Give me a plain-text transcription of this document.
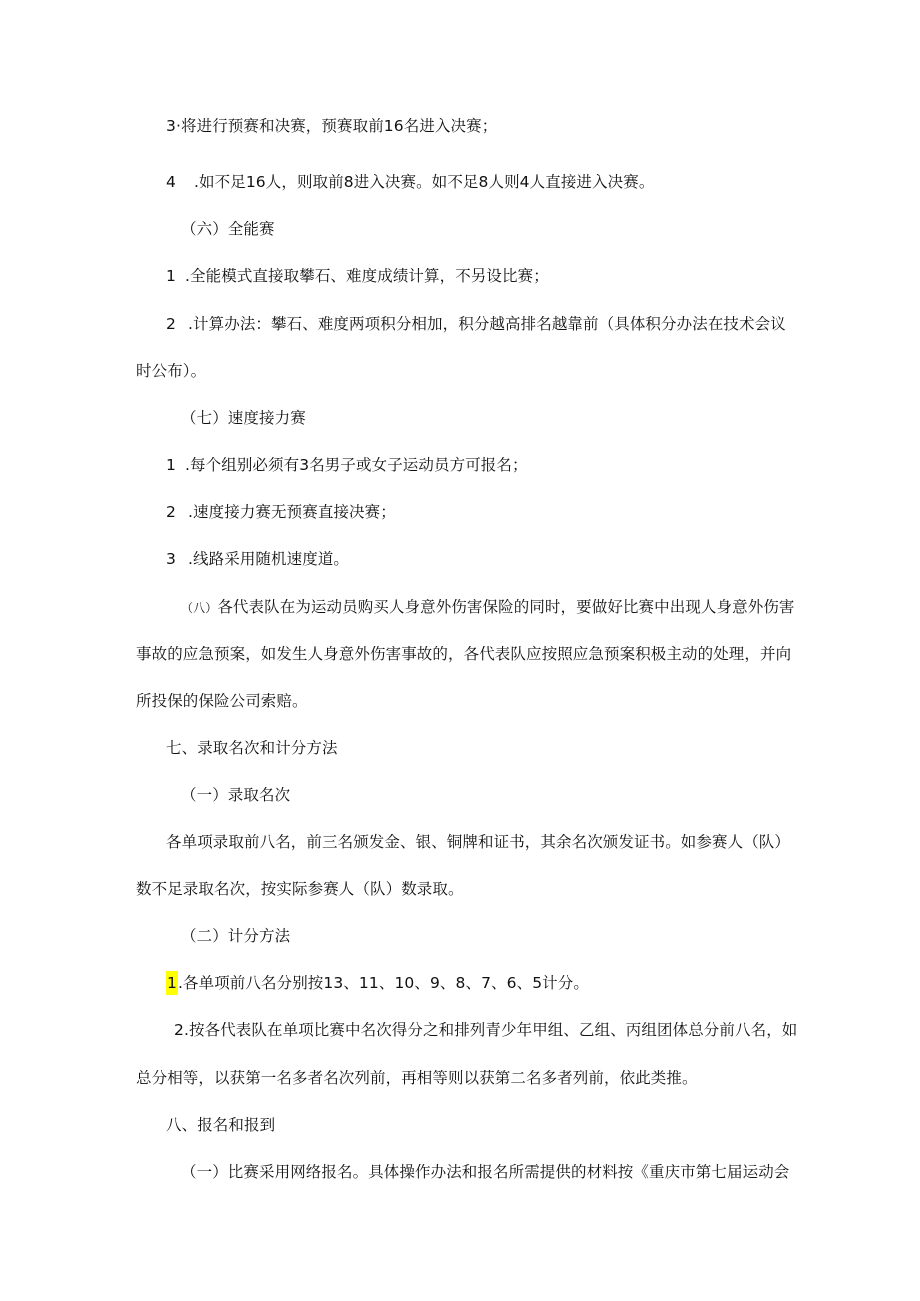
3·将进行预赛和决赛，预赛取前16名进入决赛；
4 .如不足16人，则取前8进入决赛。如不足8人则4人直接进入决赛。
（六）全能赛
1 .全能模式直接取攀石、难度成绩计算，不另设比赛；
2 .计算办法：攀石、难度两项积分相加，积分越高排名越靠前（具体积分办法在技术会议
时公布）。
（七）速度接力赛
1 .每个组别必须有3名男子或女子运动员方可报名；
2 .速度接力赛无预赛直接决赛；
3 .线路采用随机速度道。
（八）各代表队在为运动员购买人身意外伤害保险的同时，要做好比赛中出现人身意外伤害
事故的应急预案，如发生人身意外伤害事故的，各代表队应按照应急预案积极主动的处理，并向
所投保的保险公司索赔。
七、录取名次和计分方法
（一）录取名次
各单项录取前八名，前三名颁发金、银、铜牌和证书，其余名次颁发证书。如参赛人（队）
数不足录取名次，按实际参赛人（队）数录取。
（二）计分方法
1.各单项前八名分别按13、11、10、9、8、7、6、5计分。
2.按各代表队在单项比赛中名次得分之和排列青少年甲组、乙组、丙组团体总分前八名，如
总分相等，以获第一名多者名次列前，再相等则以获第二名多者列前，依此类推。
八、报名和报到
（一）比赛采用网络报名。具体操作办法和报名所需提供的材料按《重庆市第七届运动会
